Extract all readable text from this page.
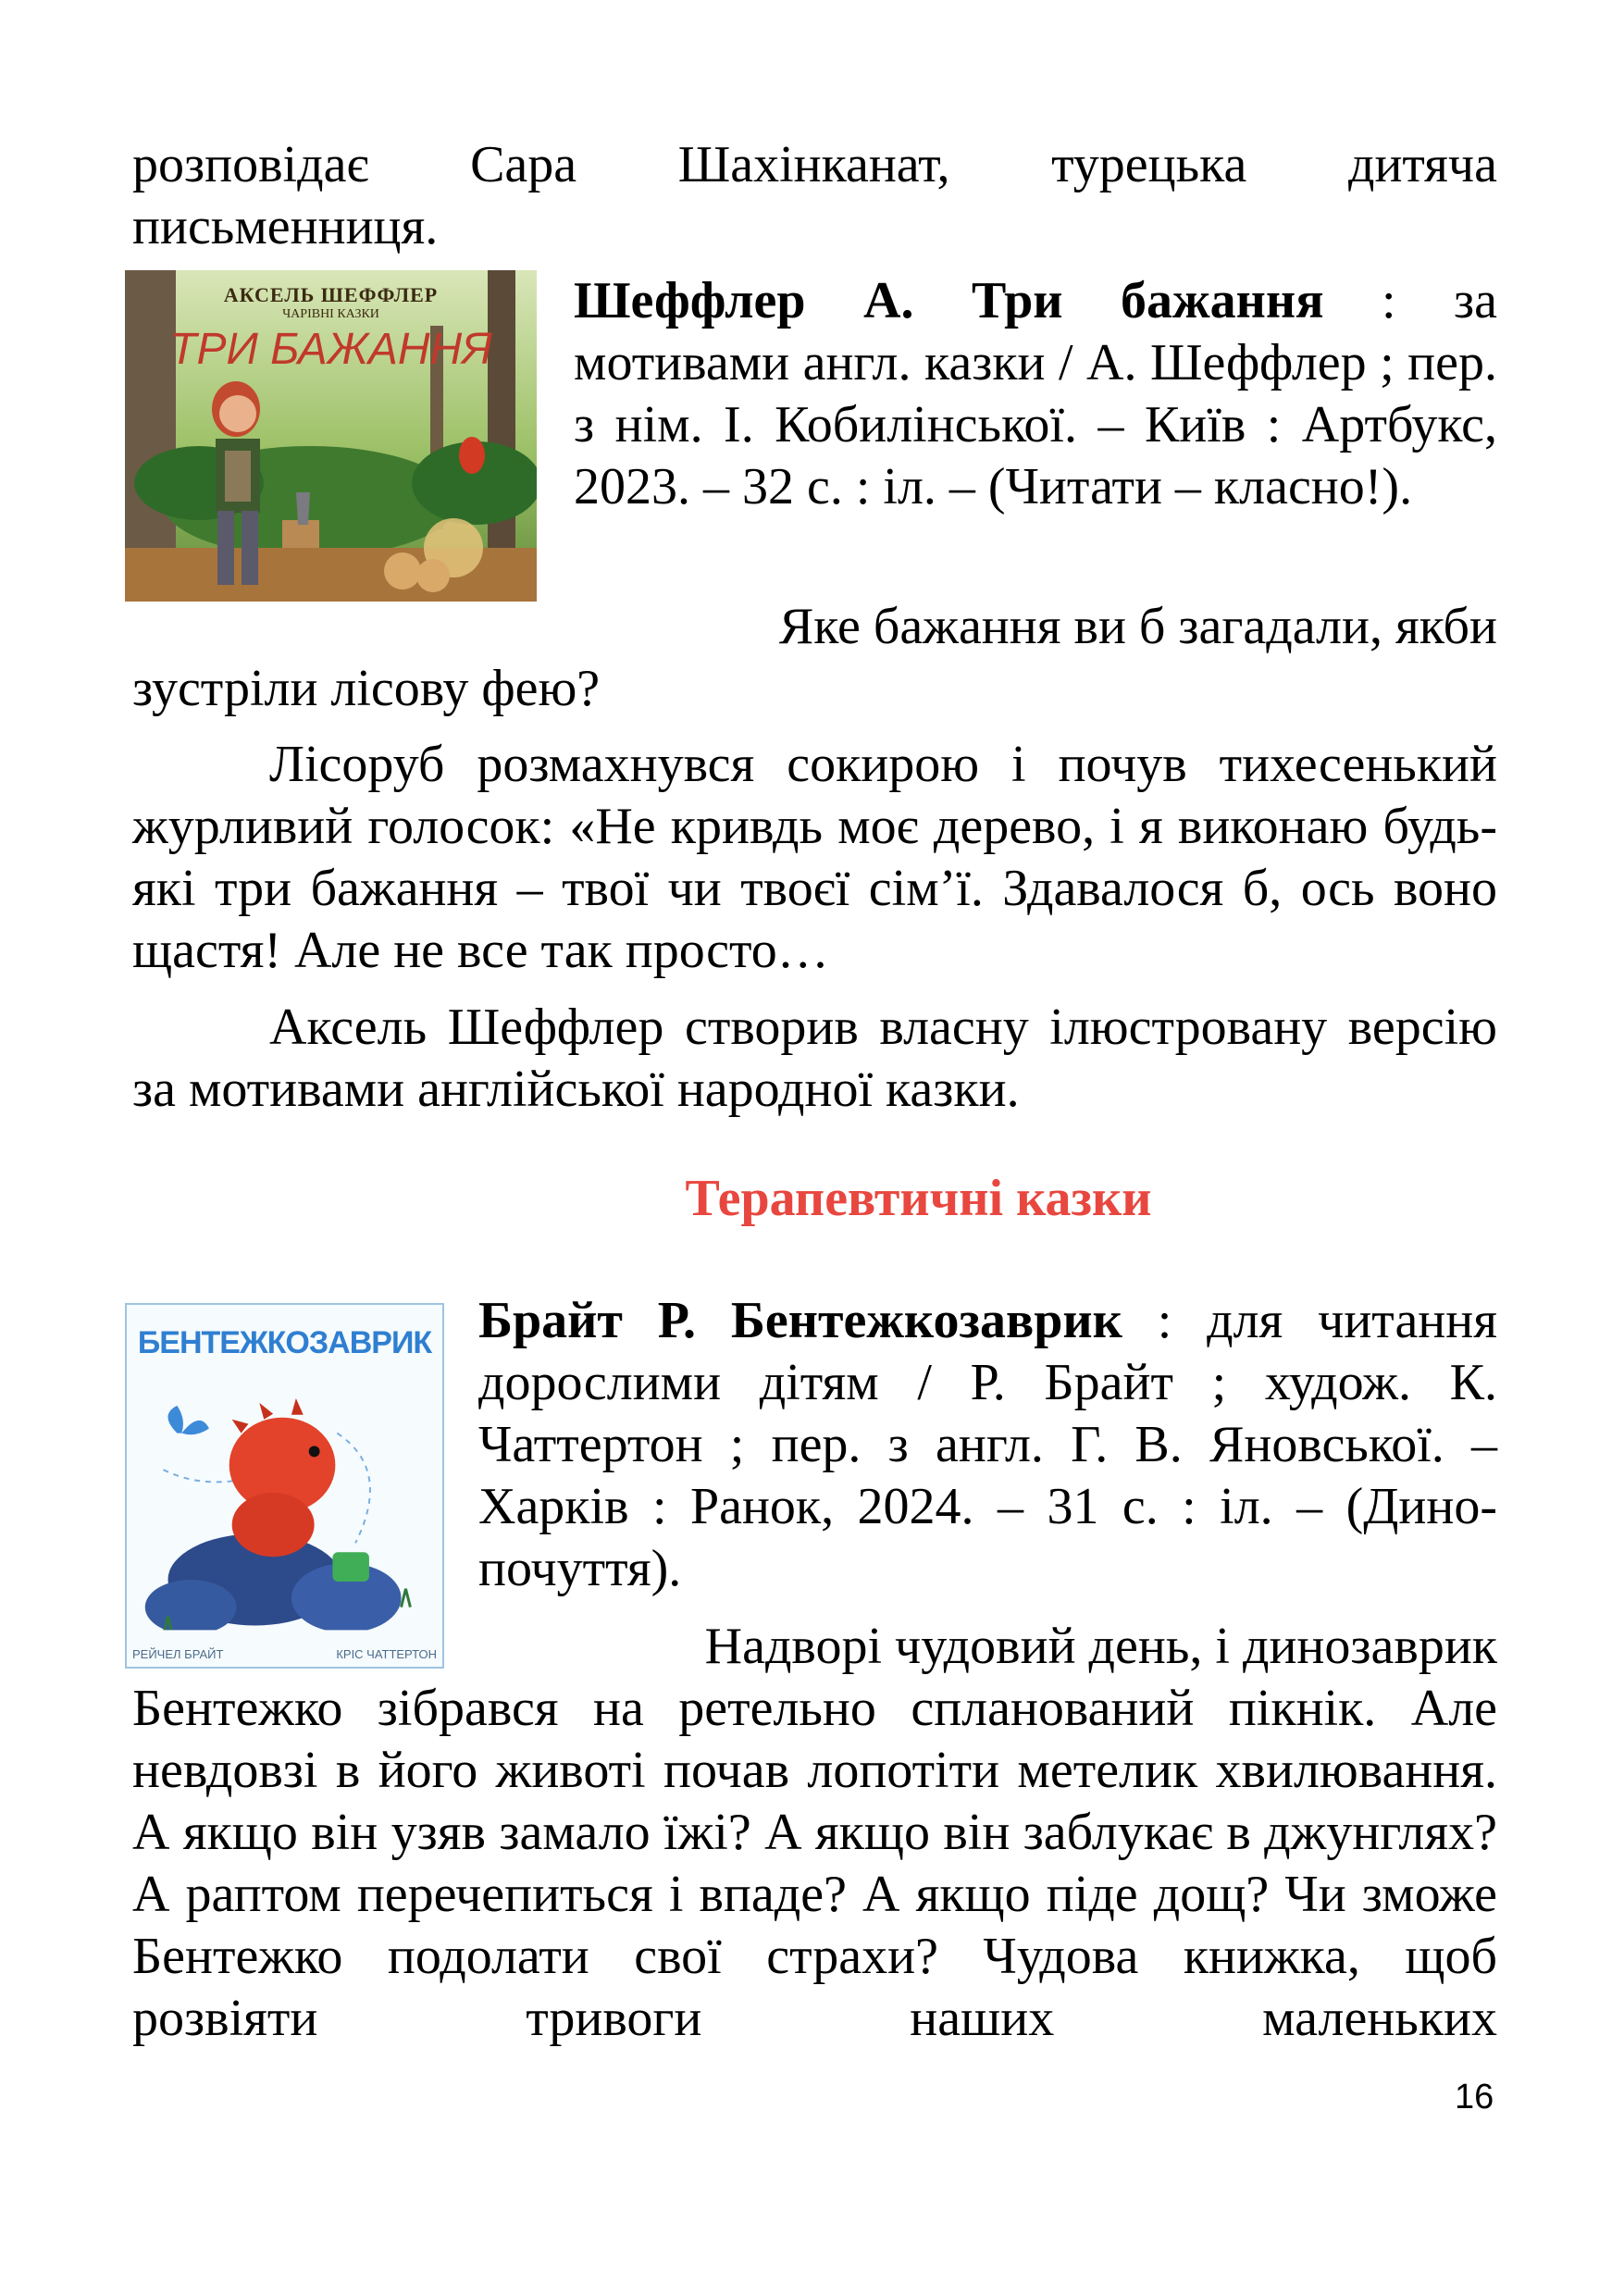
розповідає Сара Шахінканат, турецька дитяча

письменниця.

АКСЕЛЬ ШЕФФЛЕР
ЧАРІВНІ КАЗКИ
ТРИ БАЖАННЯ

Шеффлер А. Три бажання : за мотивами англ. казки / А. Шеффлер ; пер. з нім. І. Кобилінської. – Київ : Артбукс, 2023. – 32 с. : іл. – (Читати – класно!).

Яке бажання ви б загадали, якби

зустріли лісову фею?

Лісоруб розмахнувся сокирою і почув тихесенький журливий голосок: «Не кривдь моє дерево, і я виконаю будь-які три бажання – твої чи твоєї сім’ї. Здавалося б, ось воно щастя! Але не все так просто…

Аксель Шеффлер створив власну ілюстровану версію за мотивами англійської народної казки.

Терапевтичні казки
БЕНТЕЖКОЗАВРИК
РЕЙЧЕЛ БРАЙТ	КРІС ЧАТТЕРТОН

Брайт Р. Бентежкозаврик : для читання дорослими дітям / Р. Брайт ; худож. К. Чаттертон ; пер. з англ. Г. В. Яновської. – Харків : Ранок, 2024. – 31 с. : іл. – (Дино-почуття).

Надворі чудовий день, і динозаврик

Бентежко зібрався на ретельно спланований пікнік. Але невдовзі в його животі почав лопотіти метелик хвилювання. А якщо він узяв замало їжі? А якщо він заблукає в джунглях? А раптом перечепиться і впаде? А якщо піде дощ? Чи зможе Бентежко подолати свої страхи? Чудова книжка, щоб розвіяти тривоги наших маленьких

16
